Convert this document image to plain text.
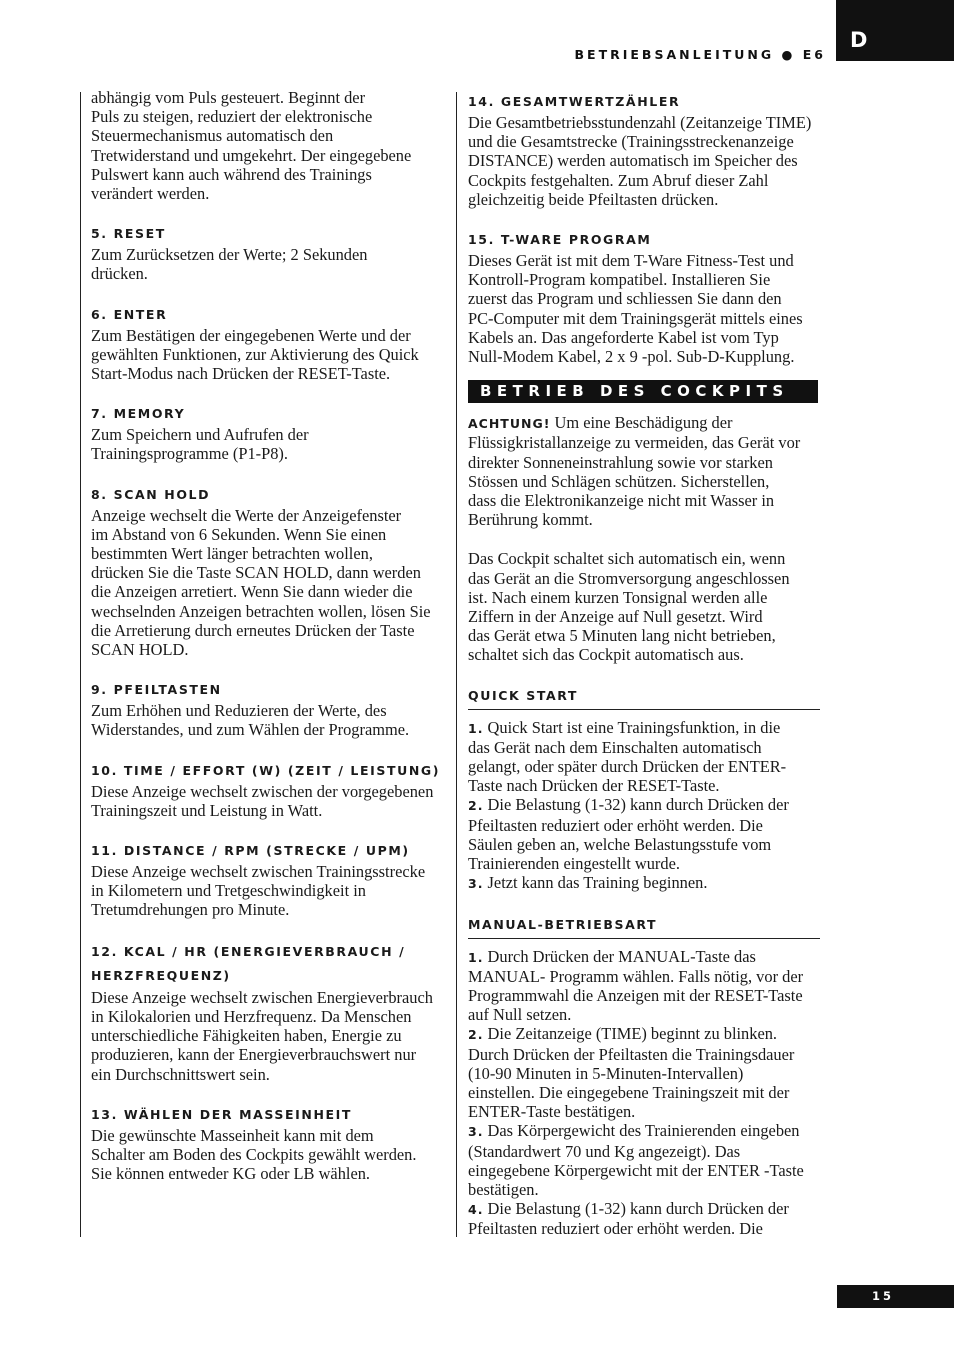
BETRIEBSANLEITUNG ● E6
D

abhängig vom Puls gesteuert. Beginnt der
Puls zu steigen, reduziert der elektronische
Steuermechanismus automatisch den
Tretwiderstand und umgekehrt. Der eingegebene
Pulswert kann auch während des Trainings
verändert werden.

5. RESET

Zum Zurücksetzen der Werte; 2 Sekunden
drücken.

6. ENTER

Zum Bestätigen der eingegebenen Werte und der
gewählten Funktionen, zur Aktivierung des Quick
Start-Modus nach Drücken der RESET-Taste.

7. MEMORY

Zum Speichern und Aufrufen der
Trainingsprogramme (P1-P8).

8. SCAN HOLD

Anzeige wechselt die Werte der Anzeigefenster
im Abstand von 6 Sekunden. Wenn Sie einen
bestimmten Wert länger betrachten wollen,
drücken Sie die Taste SCAN HOLD, dann werden
die Anzeigen arretiert. Wenn Sie dann wieder die
wechselnden Anzeigen betrachten wollen, lösen Sie
die Arretierung durch erneutes Drücken der Taste
SCAN HOLD.

9. PFEILTASTEN

Zum Erhöhen und Reduzieren der Werte, des
Widerstandes, und zum Wählen der Programme.

10. TIME / EFFORT (W) (ZEIT / LEISTUNG)

Diese Anzeige wechselt zwischen der vorgegebenen
Trainingszeit und Leistung in Watt.

11. DISTANCE / RPM (STRECKE / UPM)

Diese Anzeige wechselt zwischen Trainingsstrecke
in Kilometern und Tretgeschwindigkeit in
Tretumdrehungen pro Minute.

12. KCAL / HR (ENERGIEVERBRAUCH / HERZFREQUENZ)

Diese Anzeige wechselt zwischen Energieverbrauch
in Kilokalorien und Herzfrequenz. Da Menschen
unterschiedliche Fähigkeiten haben, Energie zu
produzieren, kann der Energieverbrauchswert nur
ein Durchschnittswert sein.

13. WÄHLEN DER MASSEINHEIT

Die gewünschte Masseinheit kann mit dem
Schalter am Boden des Cockpits gewählt werden.
Sie können entweder KG oder LB wählen.

14. GESAMTWERTZÄHLER

Die Gesamtbetriebsstundenzahl (Zeitanzeige TIME)
und die Gesamtstrecke (Trainingsstreckenanzeige
DISTANCE) werden automatisch im Speicher des
Cockpits festgehalten. Zum Abruf dieser Zahl
gleichzeitig beide Pfeiltasten drücken.

15. T-WARE PROGRAM

Dieses Gerät ist mit dem T-Ware Fitness-Test und
Kontroll-Program kompatibel. Installieren Sie
zuerst das Program und schliessen Sie dann den
PC-Computer mit dem Trainingsgerät mittels eines
Kabels an. Das angeforderte Kabel ist vom Typ
Null-Modem Kabel, 2 x 9 -pol. Sub-D-Kupplung.

BETRIEB DES COCKPITS

ACHTUNG! Um eine Beschädigung der
Flüssigkristallanzeige zu vermeiden, das Gerät vor
direkter Sonneneinstrahlung sowie vor starken
Stössen und Schlägen schützen. Sicherstellen,
dass die Elektronikanzeige nicht mit Wasser in
Berührung kommt.

Das Cockpit schaltet sich automatisch ein, wenn
das Gerät an die Stromversorgung angeschlossen
ist. Nach einem kurzen Tonsignal werden alle
Ziffern in der Anzeige auf Null gesetzt. Wird
das Gerät etwa 5 Minuten lang nicht betrieben,
schaltet sich das Cockpit automatisch aus.

QUICK START

1. Quick Start ist eine Trainingsfunktion, in die
das Gerät nach dem Einschalten automatisch
gelangt, oder später durch Drücken der ENTER-
Taste nach Drücken der RESET-Taste.

2. Die Belastung (1-32) kann durch Drücken der
Pfeiltasten reduziert oder erhöht werden. Die
Säulen geben an, welche Belastungsstufe vom
Trainierenden eingestellt wurde.

3. Jetzt kann das Training beginnen.

MANUAL-BETRIEBSART

1. Durch Drücken der MANUAL-Taste das
MANUAL- Programm wählen. Falls nötig, vor der
Programmwahl die Anzeigen mit der RESET-Taste
auf Null setzen.

2. Die Zeitanzeige (TIME) beginnt zu blinken.
Durch Drücken der Pfeiltasten die Trainingsdauer
(10-90 Minuten in 5-Minuten-Intervallen)
einstellen. Die eingegebene Trainingszeit mit der
ENTER-Taste bestätigen.

3. Das Körpergewicht des Trainierenden eingeben
(Standardwert 70 und Kg angezeigt). Das
eingegebene Körpergewicht mit der ENTER -Taste
bestätigen.

4. Die Belastung (1-32) kann durch Drücken der
Pfeiltasten reduziert oder erhöht werden. Die

15
